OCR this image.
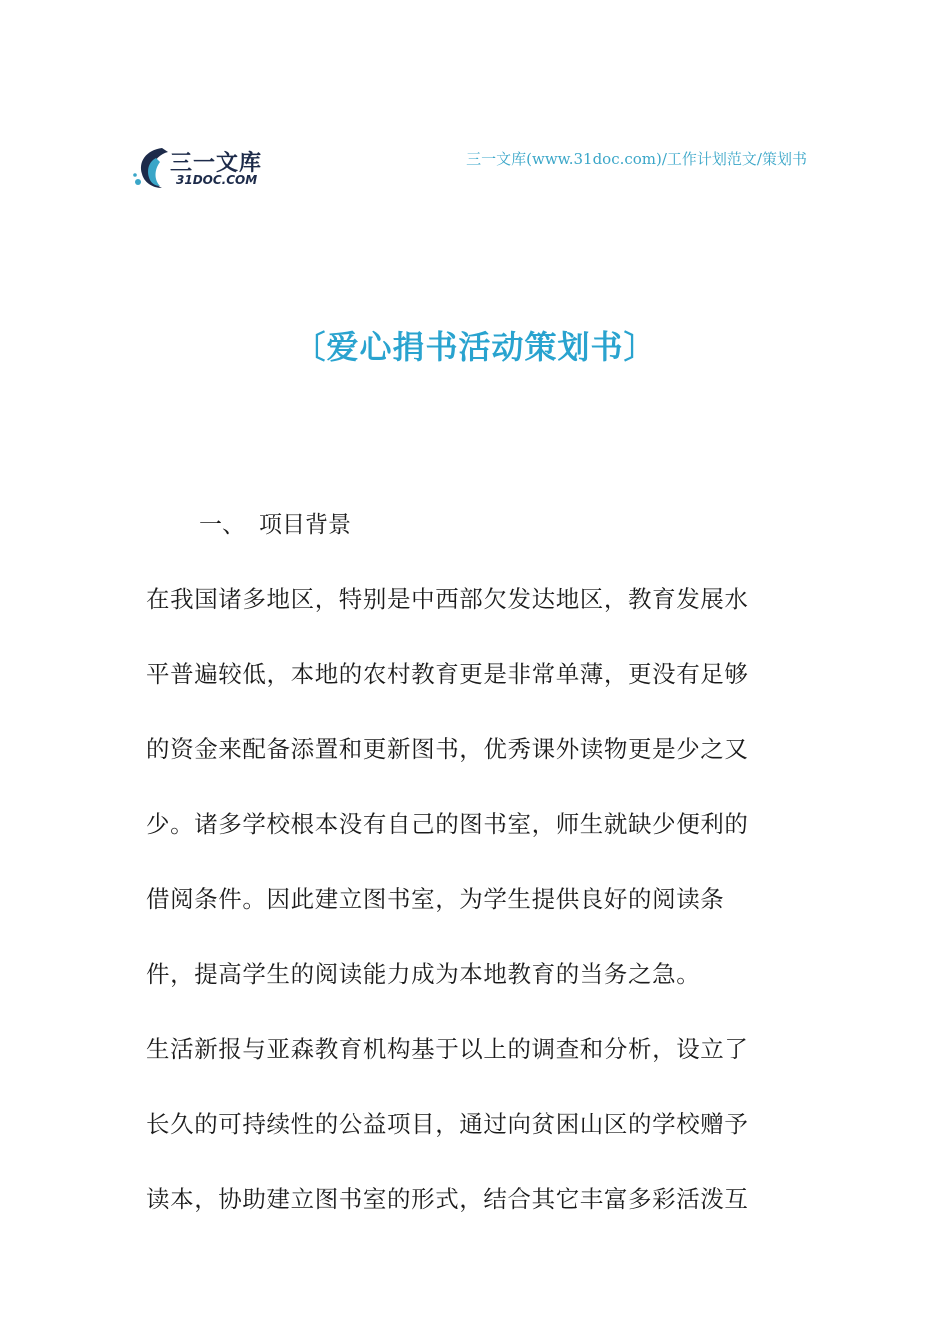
三一文库
31DOC.COM
三一文库(www.31doc.com)/工作计划范文/策划书
〔爱心捐书活动策划书〕
一、 项目背景
在我国诸多地区，特别是中西部欠发达地区，教育发展水
平普遍较低，本地的农村教育更是非常单薄，更没有足够
的资金来配备添置和更新图书，优秀课外读物更是少之又
少。诸多学校根本没有自己的图书室，师生就缺少便利的
借阅条件。因此建立图书室，为学生提供良好的阅读条
件，提高学生的阅读能力成为本地教育的当务之急。
生活新报与亚森教育机构基于以上的调查和分析，设立了
长久的可持续性的公益项目，通过向贫困山区的学校赠予
读本，协助建立图书室的形式，结合其它丰富多彩活泼互
